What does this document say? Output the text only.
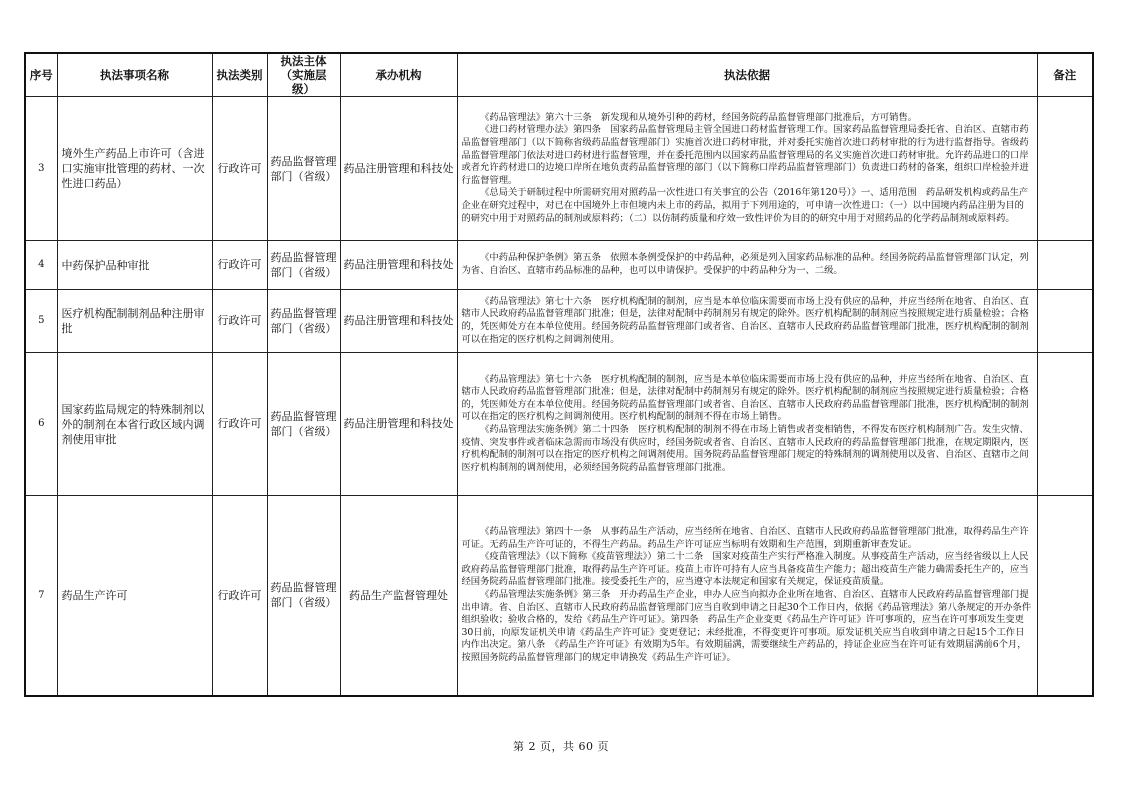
序号	执法事项名称	执法类别	执法主体（实施层级）	承办机构	执法依据	备注
3	境外生产药品上市许可（含进口实施审批管理的药材、一次性进口药品）	行政许可	药品监督管理部门（省级）	药品注册管理和科技处	《药品管理法》第六十三条　新发现和从境外引种的药材，经国务院药品监督管理部门批准后，方可销售。

《进口药材管理办法》第四条　国家药品监督管理局主管全国进口药材监督管理工作。国家药品监督管理局委托省、自治区、直辖市药品监督管理部门（以下简称省级药品监督管理部门）实施首次进口药材审批，并对委托实施首次进口药材审批的行为进行监督指导。省级药品监督管理部门依法对进口药材进行监督管理，并在委托范围内以国家药品监督管理局的名义实施首次进口药材审批。允许药品进口的口岸或者允许药材进口的边境口岸所在地负责药品监督管理的部门（以下简称口岸药品监督管理部门）负责进口药材的备案，组织口岸检验并进行监督管理。

《总局关于研制过程中所需研究用对照药品一次性进口有关事宜的公告（2016年第120号）》一、适用范围　药品研发机构或药品生产企业在研究过程中，对已在中国境外上市但境内未上市的药品，拟用于下列用途的，可申请一次性进口：（一）以中国境内药品注册为目的的研究中用于对照药品的制剂或原料药；（二）以仿制药质量和疗效一致性评价为目的的研究中用于对照药品的化学药品制剂或原料药。	

4	中药保护品种审批	行政许可	药品监督管理部门（省级）	药品注册管理和科技处	《中药品种保护条例》第五条　依照本条例受保护的中药品种，必须是列入国家药品标准的品种。经国务院药品监督管理部门认定，列为省、自治区、直辖市药品标准的品种，也可以申请保护。受保护的中药品种分为一、二级。	

5	医疗机构配制制剂品种注册审批	行政许可	药品监督管理部门（省级）	药品注册管理和科技处	《药品管理法》第七十六条　医疗机构配制的制剂，应当是本单位临床需要而市场上没有供应的品种，并应当经所在地省、自治区、直辖市人民政府药品监督管理部门批准；但是，法律对配制中药制剂另有规定的除外。医疗机构配制的制剂应当按照规定进行质量检验；合格的，凭医师处方在本单位使用。经国务院药品监督管理部门或者省、自治区、直辖市人民政府药品监督管理部门批准，医疗机构配制的制剂可以在指定的医疗机构之间调剂使用。	

6	国家药监局规定的特殊制剂以外的制剂在本省行政区域内调剂使用审批	行政许可	药品监督管理部门（省级）	药品注册管理和科技处	《药品管理法》第七十六条　医疗机构配制的制剂，应当是本单位临床需要而市场上没有供应的品种，并应当经所在地省、自治区、直辖市人民政府药品监督管理部门批准；但是，法律对配制中药制剂另有规定的除外。医疗机构配制的制剂应当按照规定进行质量检验；合格的，凭医师处方在本单位使用。经国务院药品监督管理部门或者省、自治区、直辖市人民政府药品监督管理部门批准，医疗机构配制的制剂可以在指定的医疗机构之间调剂使用。医疗机构配制的制剂不得在市场上销售。

《药品管理法实施条例》第二十四条　医疗机构配制的制剂不得在市场上销售或者变相销售，不得发布医疗机构制剂广告。发生灾情、疫情、突发事件或者临床急需而市场没有供应时，经国务院或者省、自治区、直辖市人民政府的药品监督管理部门批准，在规定期限内，医疗机构配制的制剂可以在指定的医疗机构之间调剂使用。国务院药品监督管理部门规定的特殊制剂的调剂使用以及省、自治区、直辖市之间医疗机构制剂的调剂使用，必须经国务院药品监督管理部门批准。	

7	药品生产许可	行政许可	药品监督管理部门（省级）	药品生产监督管理处	《药品管理法》第四十一条　从事药品生产活动，应当经所在地省、自治区、直辖市人民政府药品监督管理部门批准，取得药品生产许可证。无药品生产许可证的，不得生产药品。药品生产许可证应当标明有效期和生产范围，到期重新审查发证。

《疫苗管理法》（以下简称《疫苗管理法》）第二十二条　国家对疫苗生产实行严格准入制度。从事疫苗生产活动，应当经省级以上人民政府药品监督管理部门批准，取得药品生产许可证。疫苗上市许可持有人应当具备疫苗生产能力；超出疫苗生产能力确需委托生产的，应当经国务院药品监督管理部门批准。接受委托生产的，应当遵守本法规定和国家有关规定，保证疫苗质量。

《药品管理法实施条例》第三条　开办药品生产企业，申办人应当向拟办企业所在地省、自治区、直辖市人民政府药品监督管理部门提出申请。省、自治区、直辖市人民政府药品监督管理部门应当自收到申请之日起30个工作日内，依据《药品管理法》第八条规定的开办条件组织验收；验收合格的，发给《药品生产许可证》。第四条　药品生产企业变更《药品生产许可证》许可事项的，应当在许可事项发生变更30日前，向原发证机关申请《药品生产许可证》变更登记；未经批准，不得变更许可事项。原发证机关应当自收到申请之日起15个工作日内作出决定。第八条　《药品生产许可证》有效期为5年。有效期届满，需要继续生产药品的，持证企业应当在许可证有效期届满前6个月，按照国务院药品监督管理部门的规定申请换发《药品生产许可证》。	

第 2 页，共 60 页
